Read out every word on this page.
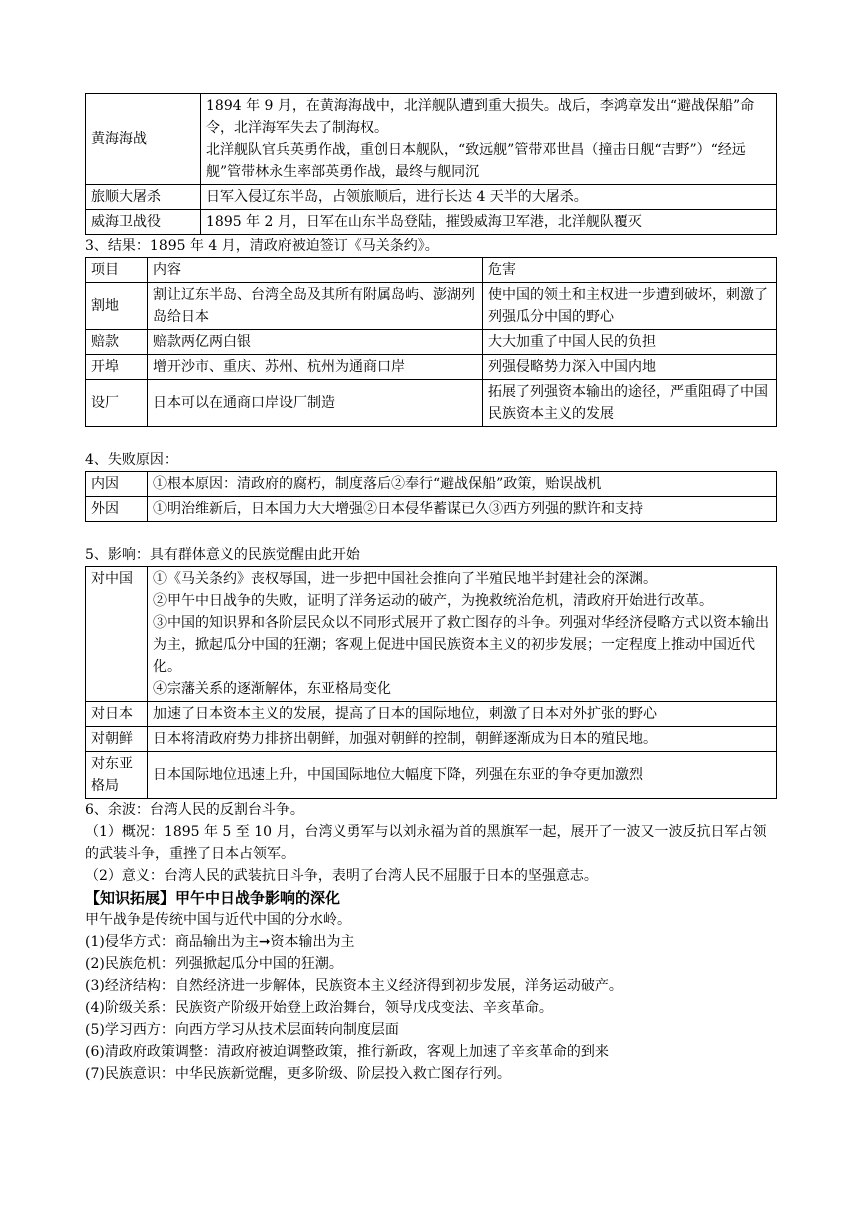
黄海海战	1894 年 9 月，在黄海海战中，北洋舰队遭到重大损失。战后，李鸿章发出“避战保船”命令，北洋海军失去了制海权。
北洋舰队官兵英勇作战，重创日本舰队，“致远舰”管带邓世昌（撞击日舰“吉野”）“经远舰”管带林永生率部英勇作战，最终与舰同沉

旅顺大屠杀	日军入侵辽东半岛，占领旅顺后，进行长达 4 天半的大屠杀。
威海卫战役	1895 年 2 月，日军在山东半岛登陆，摧毁威海卫军港，北洋舰队覆灭
3、结果：1895 年 4 月，清政府被迫签订《马关条约》。
项目	内容	危害
割地	割让辽东半岛、台湾全岛及其所有附属岛屿、澎湖列岛给日本	使中国的领土和主权进一步遭到破坏，刺激了列强瓜分中国的野心
赔款	赔款两亿两白银	大大加重了中国人民的负担
开埠	增开沙市、重庆、苏州、杭州为通商口岸	列强侵略势力深入中国内地
设厂	日本可以在通商口岸设厂制造	拓展了列强资本输出的途径，严重阻碍了中国民族资本主义的发展
4、失败原因：
内因	①根本原因：清政府的腐朽，制度落后②奉行“避战保船”政策，贻误战机
外因	①明治维新后，日本国力大大增强②日本侵华蓄谋已久③西方列强的默许和支持
5、影响：具有群体意义的民族觉醒由此开始
对中国	①《马关条约》丧权辱国，进一步把中国社会推向了半殖民地半封建社会的深渊。
②甲午中日战争的失败，证明了洋务运动的破产，为挽救统治危机，清政府开始进行改革。
③中国的知识界和各阶层民众以不同形式展开了救亡图存的斗争。列强对华经济侵略方式以资本输出为主，掀起瓜分中国的狂潮；客观上促进中国民族资本主义的初步发展；一定程度上推动中国近代化。
④宗藩关系的逐渐解体，东亚格局变化

对日本	加速了日本资本主义的发展，提高了日本的国际地位，刺激了日本对外扩张的野心
对朝鲜	日本将清政府势力排挤出朝鲜，加强对朝鲜的控制，朝鲜逐渐成为日本的殖民地。
对东亚格局	日本国际地位迅速上升，中国国际地位大幅度下降，列强在东亚的争夺更加激烈
6、余波：台湾人民的反割台斗争。
（1）概况：1895 年 5 至 10 月，台湾义勇军与以刘永福为首的黑旗军一起，展开了一波又一波反抗日军占领的武装斗争，重挫了日本占领军。
（2）意义：台湾人民的武装抗日斗争，表明了台湾人民不屈服于日本的坚强意志。
【知识拓展】甲午中日战争影响的深化
甲午战争是传统中国与近代中国的分水岭。
(1)侵华方式：商品输出为主➞资本输出为主
(2)民族危机：列强掀起瓜分中国的狂潮。
(3)经济结构：自然经济进一步解体，民族资本主义经济得到初步发展，洋务运动破产。
(4)阶级关系：民族资产阶级开始登上政治舞台，领导戊戌变法、辛亥革命。
(5)学习西方：向西方学习从技术层面转向制度层面
(6)清政府政策调整：清政府被迫调整政策，推行新政，客观上加速了辛亥革命的到来
(7)民族意识：中华民族新觉醒，更多阶级、阶层投入救亡图存行列。
